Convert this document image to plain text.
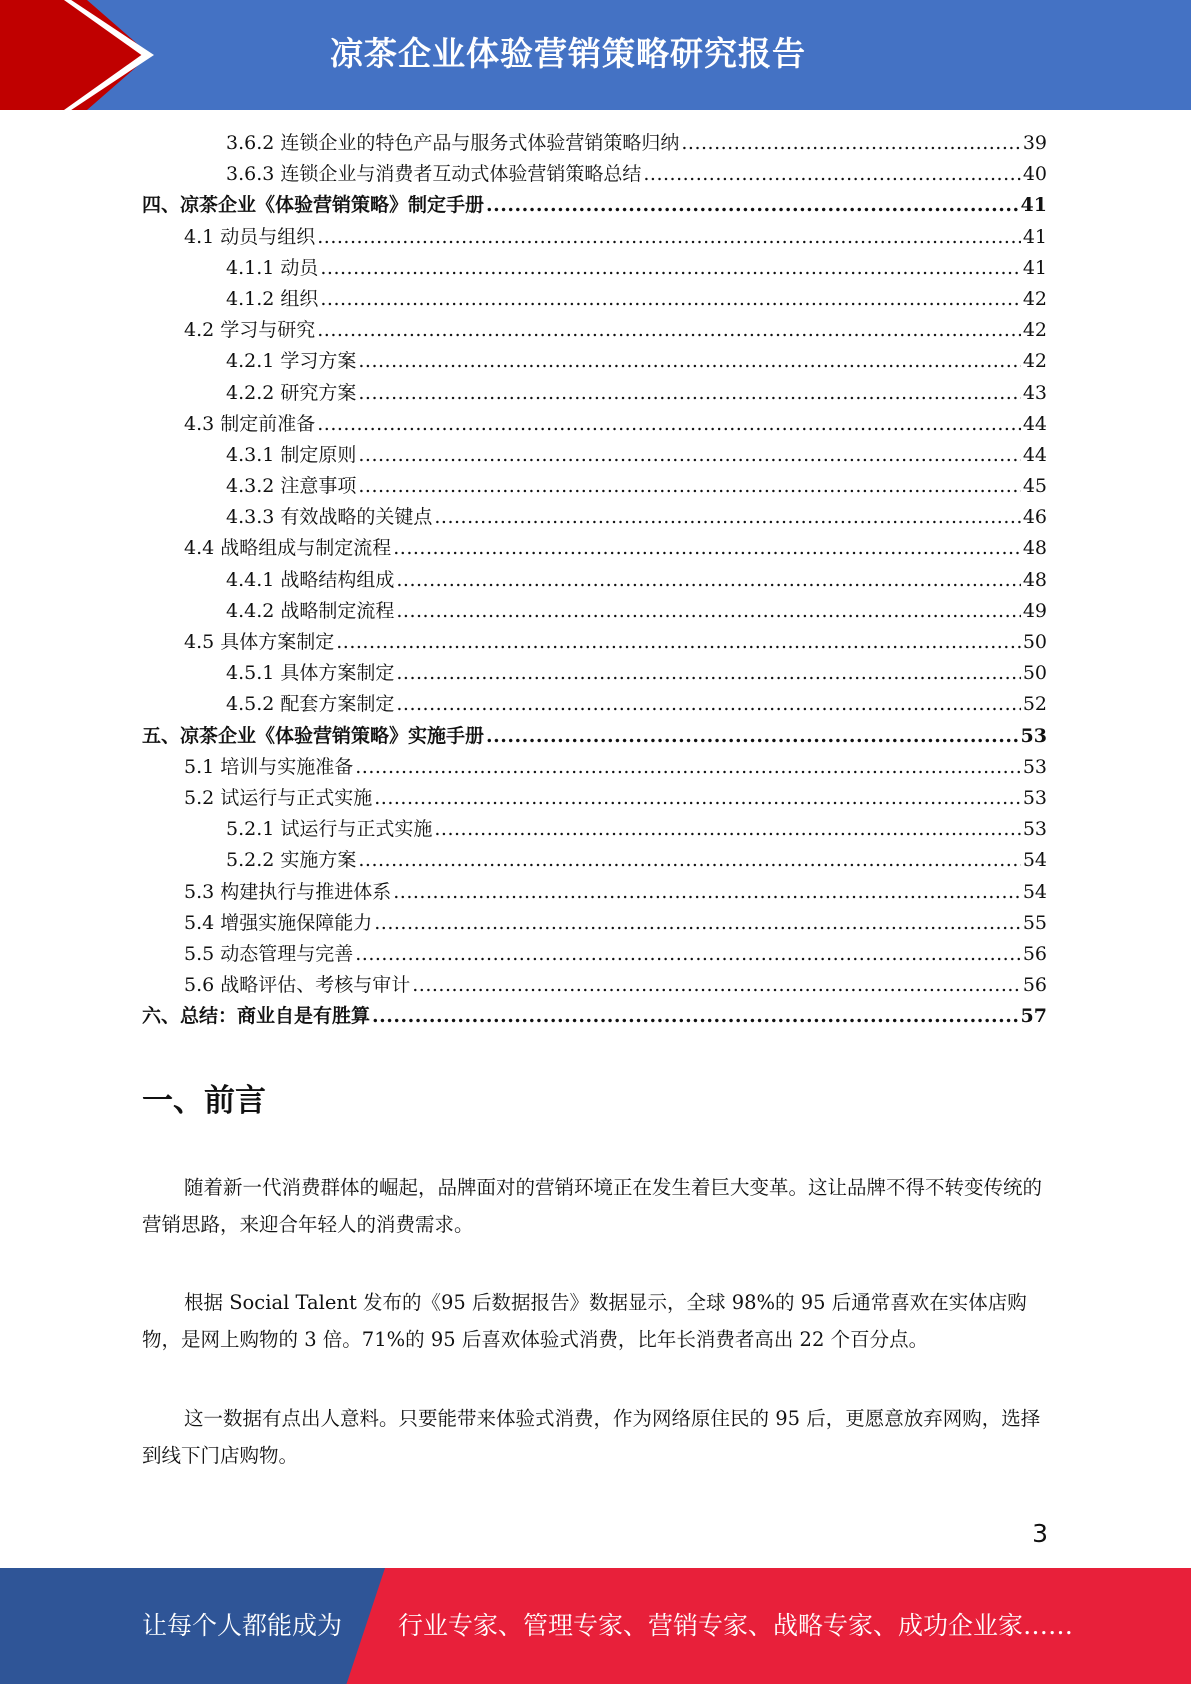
凉茶企业体验营销策略研究报告
3.6.2 连锁企业的特色产品与服务式体验营销策略归纳 .....	39
3.6.3 连锁企业与消费者互动式体验营销策略总结 .....	40
四、凉茶企业《体验营销策略》制定手册 .....	41
4.1 动员与组织 .....	41
4.1.1 动员 .....	41
4.1.2 组织 .....	42
4.2 学习与研究 .....	42
4.2.1 学习方案 .....	42
4.2.2 研究方案 .....	43
4.3 制定前准备 .....	44
4.3.1 制定原则 .....	44
4.3.2 注意事项 .....	45
4.3.3 有效战略的关键点 .....	46
4.4 战略组成与制定流程 .....	48
4.4.1 战略结构组成 .....	48
4.4.2 战略制定流程 .....	49
4.5 具体方案制定 .....	50
4.5.1 具体方案制定 .....	50
4.5.2 配套方案制定 .....	52
五、凉茶企业《体验营销策略》实施手册 .....	53
5.1 培训与实施准备 .....	53
5.2 试运行与正式实施 .....	53
5.2.1 试运行与正式实施 .....	53
5.2.2 实施方案 .....	54
5.3 构建执行与推进体系 .....	54
5.4 增强实施保障能力 .....	55
5.5 动态管理与完善 .....	56
5.6 战略评估、考核与审计 .....	56
六、总结：商业自是有胜算 .....	57
一、前言

随着新一代消费群体的崛起，品牌面对的营销环境正在发生着巨大变革。这让品牌不得不转变传统的营销思路，来迎合年轻人的消费需求。

根据 Social Talent 发布的《95 后数据报告》数据显示，全球 98%的 95 后通常喜欢在实体店购物，是网上购物的 3 倍。71%的 95 后喜欢体验式消费，比年长消费者高出 22 个百分点。

这一数据有点出人意料。只要能带来体验式消费，作为网络原住民的 95 后，更愿意放弃网购，选择到线下门店购物。

3
让每个人都能成为 行业专家、管理专家、营销专家、战略专家、成功企业家……
